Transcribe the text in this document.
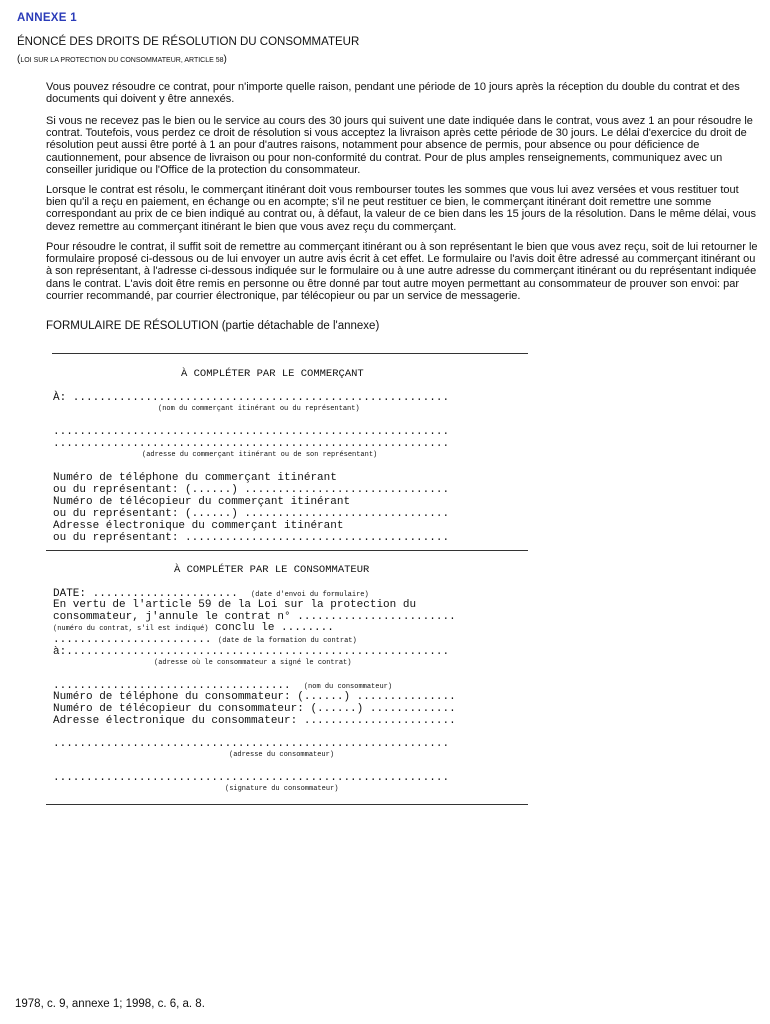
ANNEXE 1
ÉNONCÉ DES DROITS DE RÉSOLUTION DU CONSOMMATEUR
(LOI SUR LA PROTECTION DU CONSOMMATEUR, ARTICLE 58)
Vous pouvez résoudre ce contrat, pour n'importe quelle raison, pendant une période de 10 jours après la réception du double du contrat et des documents qui doivent y être annexés.
Si vous ne recevez pas le bien ou le service au cours des 30 jours qui suivent une date indiquée dans le contrat, vous avez 1 an pour résoudre le contrat. Toutefois, vous perdez ce droit de résolution si vous acceptez la livraison après cette période de 30 jours. Le délai d'exercice du droit de résolution peut aussi être porté à 1 an pour d'autres raisons, notamment pour absence de permis, pour absence ou pour déficience de cautionnement, pour absence de livraison ou pour non-conformité du contrat. Pour de plus amples renseignements, communiquez avec un conseiller juridique ou l'Office de la protection du consommateur.
Lorsque le contrat est résolu, le commerçant itinérant doit vous rembourser toutes les sommes que vous lui avez versées et vous restituer tout bien qu'il a reçu en paiement, en échange ou en acompte; s'il ne peut restituer ce bien, le commerçant itinérant doit remettre une somme correspondant au prix de ce bien indiqué au contrat ou, à défaut, la valeur de ce bien dans les 15 jours de la résolution. Dans le même délai, vous devez remettre au commerçant itinérant le bien que vous avez reçu du commerçant.
Pour résoudre le contrat, il suffit soit de remettre au commerçant itinérant ou à son représentant le bien que vous avez reçu, soit de lui retourner le formulaire proposé ci-dessous ou de lui envoyer un autre avis écrit à cet effet. Le formulaire ou l'avis doit être adressé au commerçant itinérant ou à son représentant, à l'adresse ci-dessous indiquée sur le formulaire ou à une autre adresse du commerçant itinérant ou du représentant indiquée dans le contrat. L'avis doit être remis en personne ou être donné par tout autre moyen permettant au consommateur de prouver son envoi: par courrier recommandé, par courrier électronique, par télécopieur ou par un service de messagerie.
FORMULAIRE DE RÉSOLUTION (partie détachable de l'annexe)
À COMPLÉTER PAR LE COMMERÇANT
À: .........................................................
(nom du commerçant itinérant ou du représentant)
............................................................
............................................................
(adresse du commerçant itinérant ou de son représentant)
Numéro de téléphone du commerçant itinérant
ou du représentant: (......) ...............................
Numéro de télécopieur du commerçant itinérant
ou du représentant: (......) ...............................
Adresse électronique du commerçant itinérant
ou du représentant: ........................................
À COMPLÉTER PAR LE CONSOMMATEUR
DATE: ...................... (date d'envoi du formulaire)
En vertu de l'article 59 de la Loi sur la protection du
consommateur, j'annule le contrat n° ........................
(numéro du contrat, s'il est indiqué) conclu le ........
........................ (date de la formation du contrat)
à:..........................................................
(adresse où le consommateur a signé le contrat)
.................................... (nom du consommateur)
Numéro de téléphone du consommateur: (......) ...............
Numéro de télécopieur du consommateur: (......) .............
Adresse électronique du consommateur: .......................
............................................................
(adresse du consommateur)
............................................................
(signature du consommateur)
1978, c. 9, annexe 1; 1998, c. 6, a. 8.
